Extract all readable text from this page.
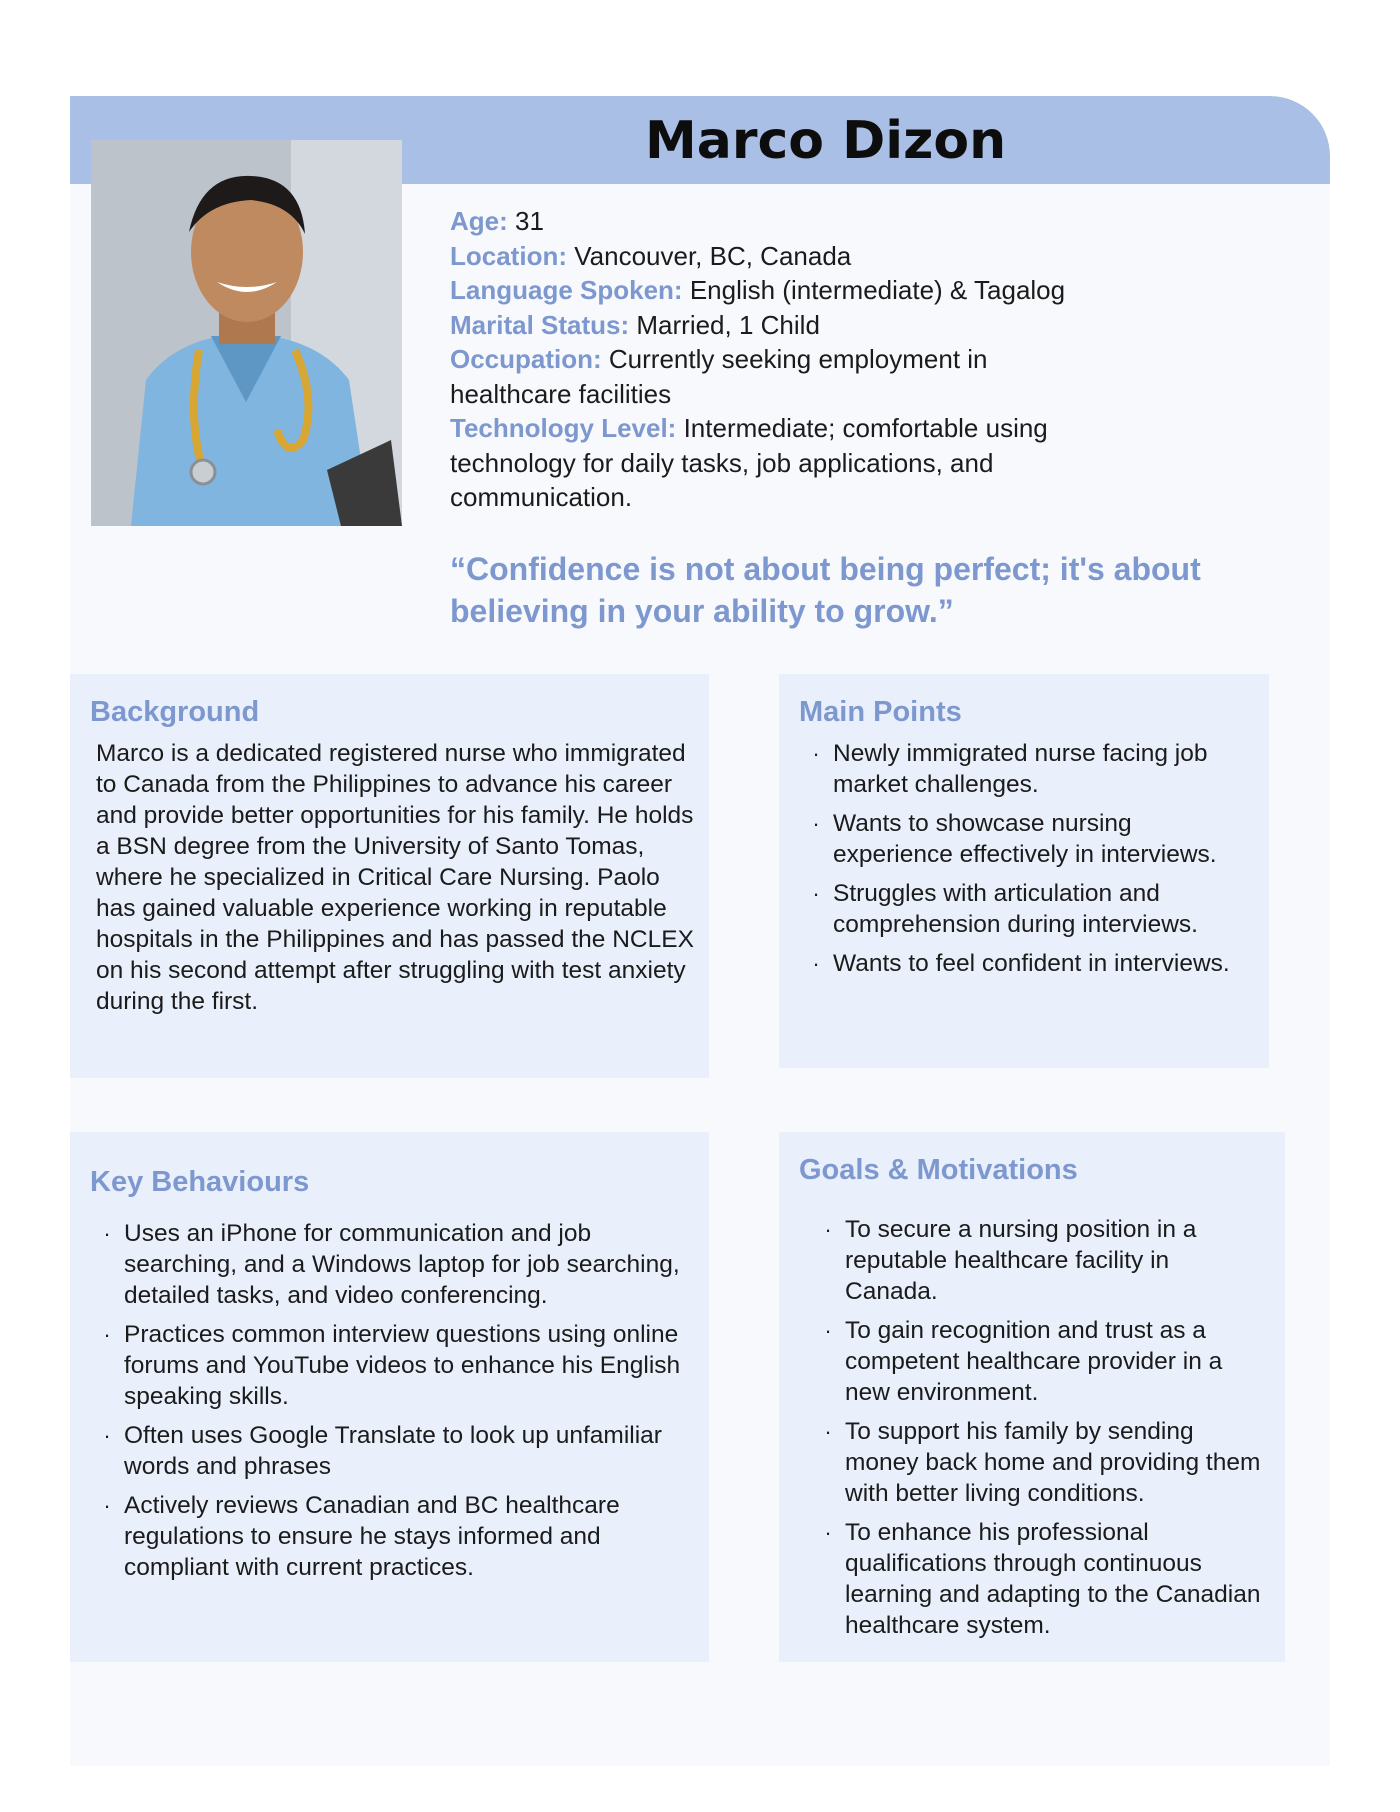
Marco Dizon
Age: 31
Location: Vancouver, BC, Canada
Language Spoken: English (intermediate) & Tagalog
Marital Status: Married, 1 Child
Occupation: Currently seeking employment in healthcare facilities
Technology Level: Intermediate; comfortable using technology for daily tasks, job applications, and communication.
“Confidence is not about being perfect; it's about believing in your ability to grow.”
Background

Marco is a dedicated registered nurse who immigrated to Canada from the Philippines to advance his career and provide better opportunities for his family. He holds a BSN degree from the University of Santo Tomas, where he specialized in Critical Care Nursing. Paolo has gained valuable experience working in reputable hospitals in the Philippines and has passed the NCLEX on his second attempt after struggling with test anxiety during the first.

Main Points
· Newly immigrated nurse facing job market challenges.
· Wants to showcase nursing experience effectively in interviews.
· Struggles with articulation and comprehension during interviews.
· Wants to feel confident in interviews.
Key Behaviours
· Uses an iPhone for communication and job searching, and a Windows laptop for job searching, detailed tasks, and video conferencing.
· Practices common interview questions using online forums and YouTube videos to enhance his English speaking skills.
· Often uses Google Translate to look up unfamiliar words and phrases
· Actively reviews Canadian and BC healthcare regulations to ensure he stays informed and compliant with current practices.
Goals & Motivations
· To secure a nursing position in a reputable healthcare facility in Canada.
· To gain recognition and trust as a competent healthcare provider in a new environment.
· To support his family by sending money back home and providing them with better living conditions.
· To enhance his professional qualifications through continuous learning and adapting to the Canadian healthcare system.
